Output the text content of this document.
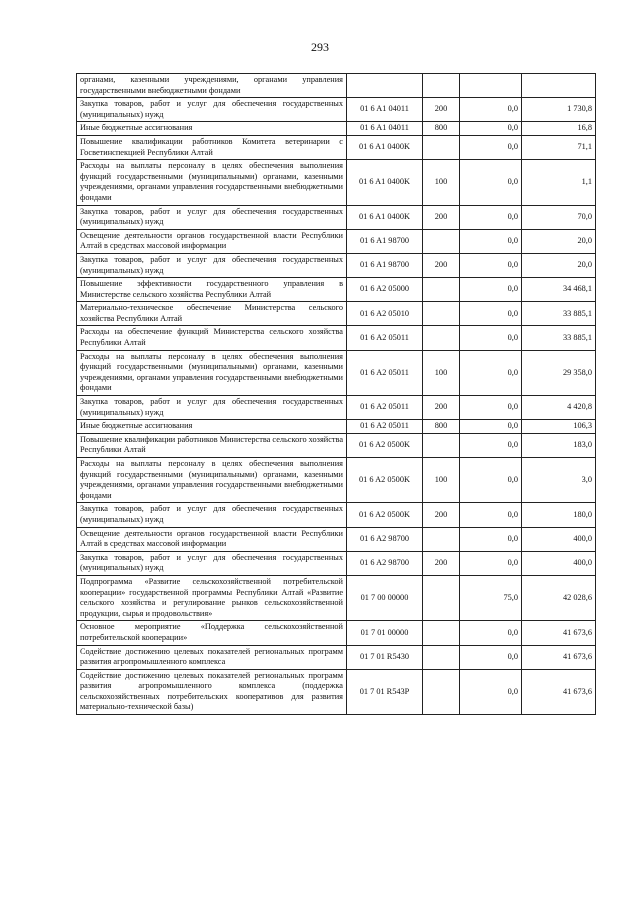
293
органами, казенными учреждениями, органами управления государственными внебюджетными фондами				
Закупка товаров, работ и услуг для обеспечения государственных (муниципальных) нужд	01 6 A1 04011	200	0,0	1 730,8
Иные бюджетные ассигнования	01 6 A1 04011	800	0,0	16,8
Повышение квалификации работников Комитета ветеринарии с Госветинспекцией Республики Алтай	01 6 A1 0400K		0,0	71,1
Расходы на выплаты персоналу в целях обеспечения выполнения функций государственными (муниципальными) органами, казенными учреждениями, органами управления государственными внебюджетными фондами	01 6 A1 0400K	100	0,0	1,1
Закупка товаров, работ и услуг для обеспечения государственных (муниципальных) нужд	01 6 A1 0400K	200	0,0	70,0
Освещение деятельности органов государственной власти Республики Алтай в средствах массовой информации	01 6 A1 98700		0,0	20,0
Закупка товаров, работ и услуг для обеспечения государственных (муниципальных) нужд	01 6 A1 98700	200	0,0	20,0
Повышение эффективности государственного управления в Министерстве сельского хозяйства Республики Алтай	01 6 A2 05000		0,0	34 468,1
Материально-техническое обеспечение Министерства сельского хозяйства Республики Алтай	01 6 A2 05010		0,0	33 885,1
Расходы на обеспечение функций Министерства сельского хозяйства Республики Алтай	01 6 A2 05011		0,0	33 885,1
Расходы на выплаты персоналу в целях обеспечения выполнения функций государственными (муниципальными) органами, казенными учреждениями, органами управления государственными внебюджетными фондами	01 6 A2 05011	100	0,0	29 358,0
Закупка товаров, работ и услуг для обеспечения государственных (муниципальных) нужд	01 6 A2 05011	200	0,0	4 420,8
Иные бюджетные ассигнования	01 6 A2 05011	800	0,0	106,3
Повышение квалификации работников Министерства сельского хозяйства Республики Алтай	01 6 A2 0500K		0,0	183,0
Расходы на выплаты персоналу в целях обеспечения выполнения функций государственными (муниципальными) органами, казенными учреждениями, органами управления государственными внебюджетными фондами	01 6 A2 0500K	100	0,0	3,0
Закупка товаров, работ и услуг для обеспечения государственных (муниципальных) нужд	01 6 A2 0500K	200	0,0	180,0
Освещение деятельности органов государственной власти Республики Алтай в средствах массовой информации	01 6 A2 98700		0,0	400,0
Закупка товаров, работ и услуг для обеспечения государственных (муниципальных) нужд	01 6 A2 98700	200	0,0	400,0
Подпрограмма «Развитие сельскохозяйственной потребительской кооперации» государственной программы Республики Алтай «Развитие сельского хозяйства и регулирование рынков сельскохозяйственной продукции, сырья и продовольствия»	01 7 00 00000		75,0	42 028,6
Основное мероприятие «Поддержка сельскохозяйственной потребительской кооперации»	01 7 01 00000		0,0	41 673,6
Содействие достижению целевых показателей региональных программ развития агропромышленного комплекса	01 7 01 R5430		0,0	41 673,6
Содействие достижению целевых показателей региональных программ развития агропромышленного комплекса (поддержка сельскохозяйственных потребительских кооперативов для развития материально-технической базы)	01 7 01 R543P		0,0	41 673,6
